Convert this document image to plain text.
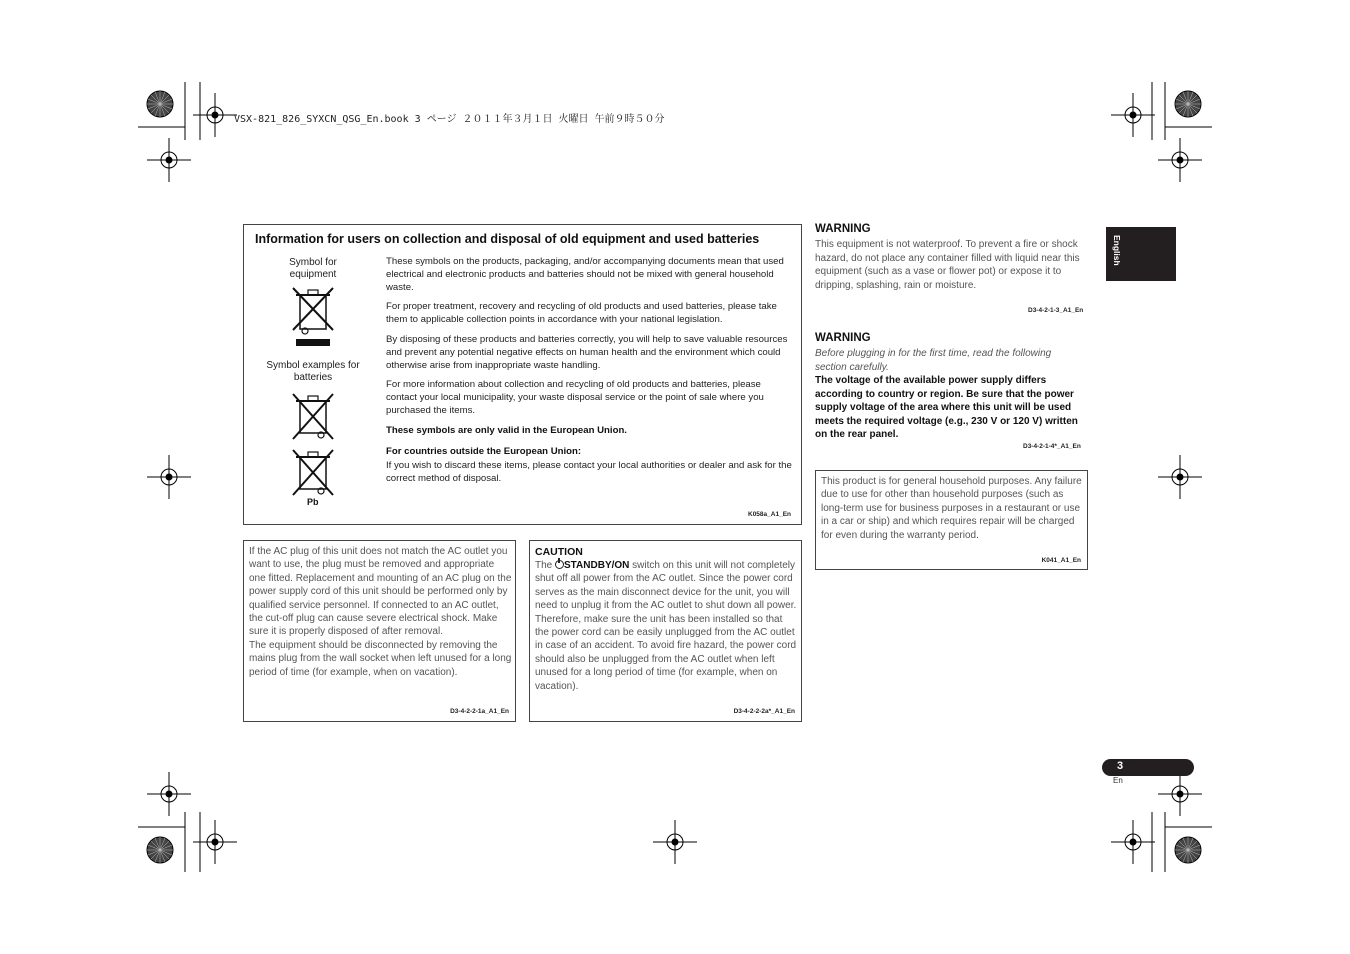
VSX-821_826_SYXCN_QSG_En.book 3 ページ ２０１１年３月１日 火曜日 午前９時５０分
English
Information for users on collection and disposal of old equipment and used batteries
Symbol for equipment
Symbol examples for batteries
Pb

These symbols on the products, packaging, and/or accompanying documents mean that used electrical and electronic products and batteries should not be mixed with general household waste.

For proper treatment, recovery and recycling of old products and used batteries, please take them to applicable collection points in accordance with your national legislation.

By disposing of these products and batteries correctly, you will help to save valuable resources and prevent any potential negative effects on human health and the environment which could otherwise arise from inappropriate waste handling.

For more information about collection and recycling of old products and batteries, please contact your local municipality, your waste disposal service or the point of sale where you purchased the items.

These symbols are only valid in the European Union.

For countries outside the European Union:

If you wish to discard these items, please contact your local authorities or dealer and ask for the correct method of disposal.

K058a_A1_En
If the AC plug of this unit does not match the AC outlet you want to use, the plug must be removed and appropriate one fitted. Replacement and mounting of an AC plug on the power supply cord of this unit should be performed only by qualified service personnel. If connected to an AC outlet, the cut-off plug can cause severe electrical shock. Make sure it is properly disposed of after removal.
The equipment should be disconnected by removing the mains plug from the wall socket when left unused for a long period of time (for example, when on vacation).
D3-4-2-2-1a_A1_En
CAUTION
The
STANDBY/ON switch on this unit will not completely shut off all power from the AC outlet. Since the power cord serves as the main disconnect device for the unit, you will need to unplug it from the AC outlet to shut down all power. Therefore, make sure the unit has been installed so that the power cord can be easily unplugged from the AC outlet in case of an accident. To avoid fire hazard, the power cord should also be unplugged from the AC outlet when left unused for a long period of time (for example, when on vacation).
D3-4-2-2-2a*_A1_En
WARNING
This equipment is not waterproof. To prevent a fire or shock hazard, do not place any container filled with liquid near this equipment (such as a vase or flower pot) or expose it to dripping, splashing, rain or moisture.
D3-4-2-1-3_A1_En
WARNING
Before plugging in for the first time, read the following section carefully.
The voltage of the available power supply differs according to country or region. Be sure that the power supply voltage of the area where this unit will be used meets the required voltage (e.g., 230 V or 120 V) written on the rear panel.
D3-4-2-1-4*_A1_En
This product is for general household purposes. Any failure due to use for other than household purposes (such as long-term use for business purposes in a restaurant or use in a car or ship) and which requires repair will be charged for even during the warranty period.
K041_A1_En
3
En
